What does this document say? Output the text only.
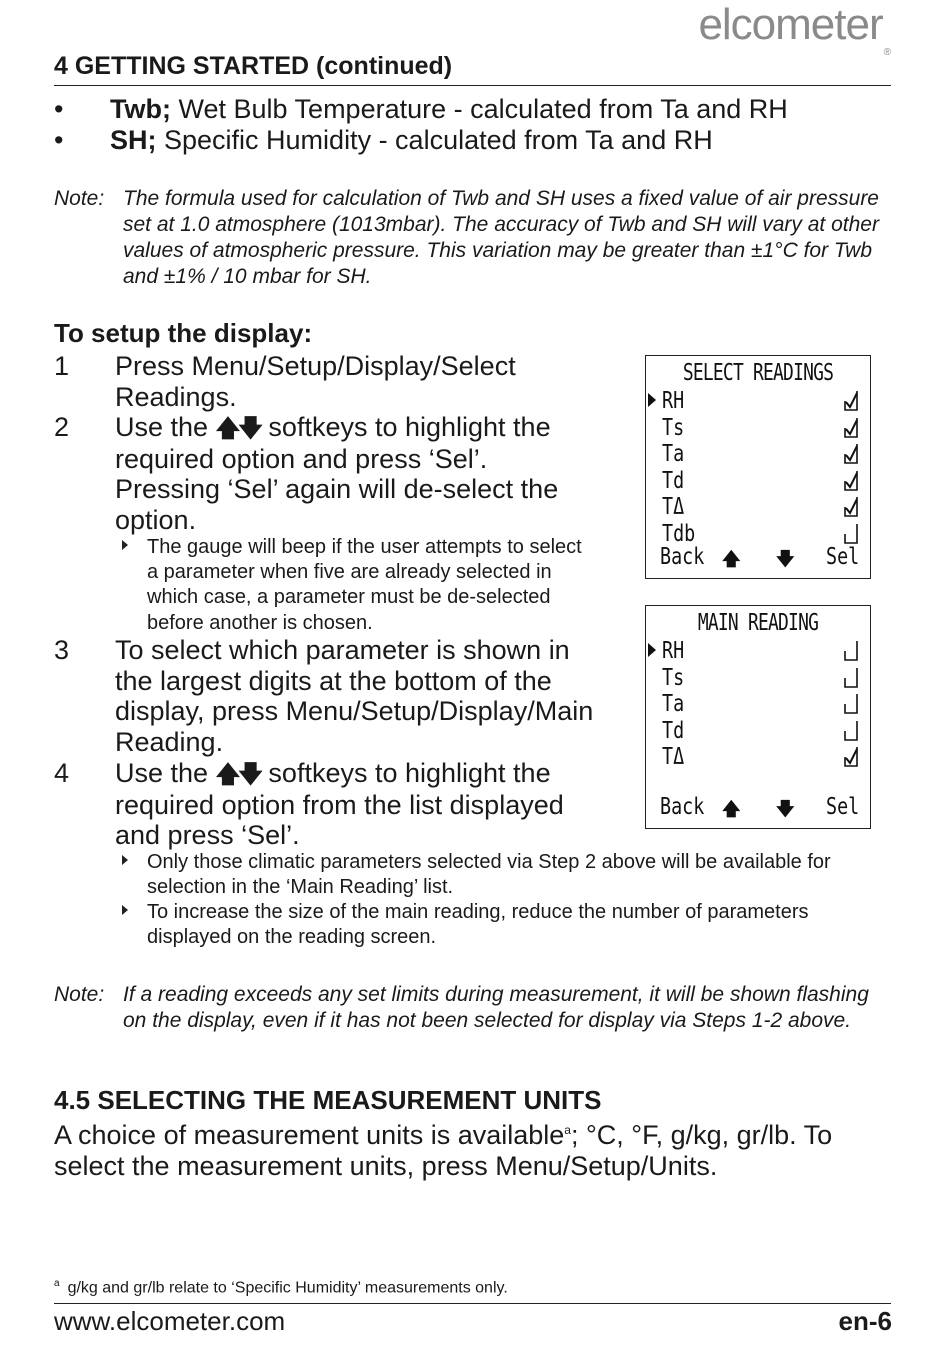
elcometer®
4 GETTING STARTED (continued)
• Twb; Wet Bulb Temperature - calculated from Ta and RH
• SH; Specific Humidity - calculated from Ta and RH
Note: The formula used for calculation of Twb and SH uses a fixed value of air pressure set at 1.0 atmosphere (1013mbar). The accuracy of Twb and SH will vary at other values of atmospheric pressure. This variation may be greater than ±1°C for Twb and ±1% / 10 mbar for SH.
To setup the display:
1 Press Menu/Setup/Display/Select Readings.
2 Use the 🡅🡇 softkeys to highlight the required option and press ‘Sel’. Pressing ‘Sel’ again will de-select the option.
The gauge will beep if the user attempts to select a parameter when five are already selected in which case, a parameter must be de-selected before another is chosen.
3 To select which parameter is shown in the largest digits at the bottom of the display, press Menu/Setup/Display/Main Reading.
4 Use the 🡅🡇 softkeys to highlight the required option from the list displayed and press ‘Sel’.
Only those climatic parameters selected via Step 2 above will be available for selection in the ‘Main Reading’ list.
To increase the size of the main reading, reduce the number of parameters displayed on the reading screen.
SELECT READINGS
RH
Ts
Ta
Td
TΔ
Tdb
Back 🡅 🡇 Sel
MAIN READING
RH
Ts
Ta
Td
TΔ
Back 🡅 🡇 Sel
Note: If a reading exceeds any set limits during measurement, it will be shown flashing on the display, even if it has not been selected for display via Steps 1-2 above.
4.5 SELECTING THE MEASUREMENT UNITS
A choice of measurement units is available$^a$; °C, °F, g/kg, gr/lb. To select the measurement units, press Menu/Setup/Units.
$^a$ g/kg and gr/lb relate to ‘Specific Humidity’ measurements only.
www.elcometer.com	en-6
